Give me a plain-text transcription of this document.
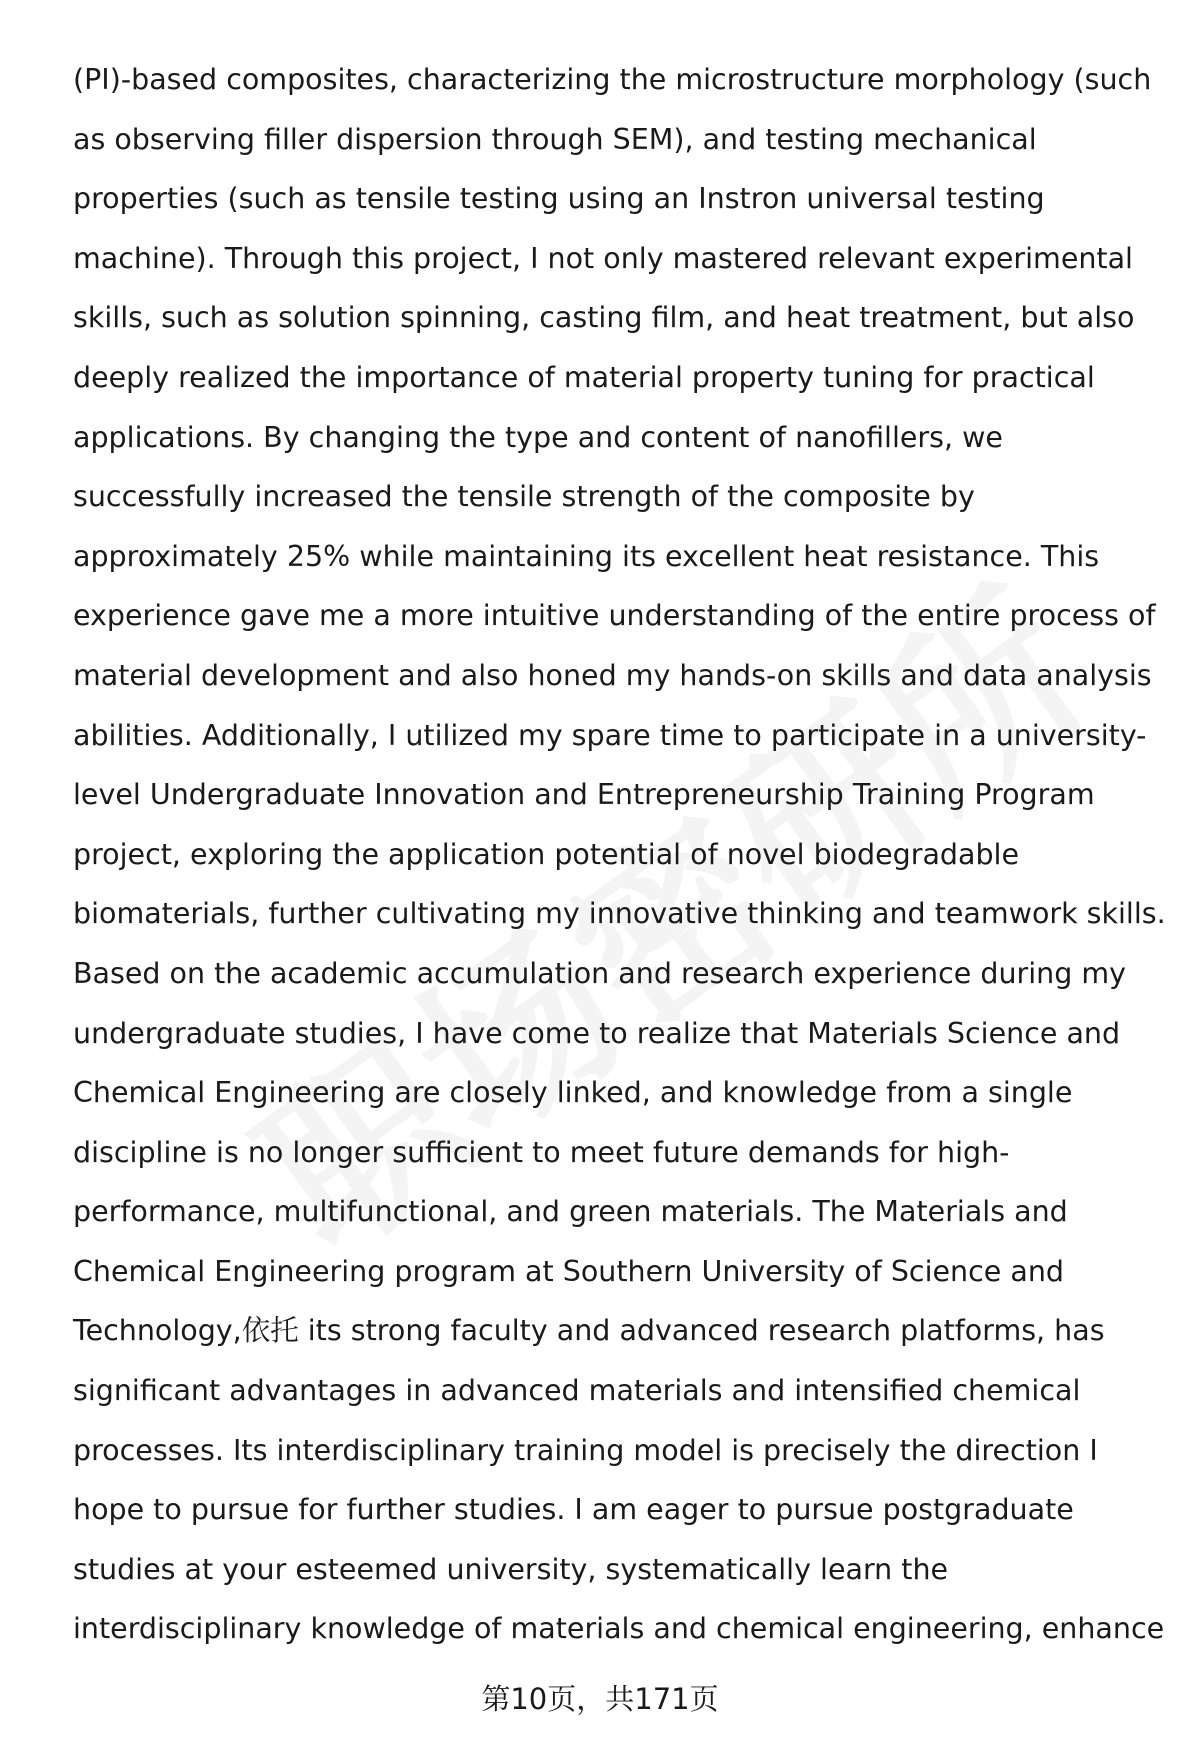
(PI)-based composites, characterizing the microstructure morphology (such
as observing filler dispersion through SEM), and testing mechanical
properties (such as tensile testing using an Instron universal testing
machine). Through this project, I not only mastered relevant experimental
skills, such as solution spinning, casting film, and heat treatment, but also
deeply realized the importance of material property tuning for practical
applications. By changing the type and content of nanofillers, we
successfully increased the tensile strength of the composite by
approximately 25% while maintaining its excellent heat resistance. This
experience gave me a more intuitive understanding of the entire process of
material development and also honed my hands-on skills and data analysis
abilities. Additionally, I utilized my spare time to participate in a university-
level Undergraduate Innovation and Entrepreneurship Training Program
project, exploring the application potential of novel biodegradable
biomaterials, further cultivating my innovative thinking and teamwork skills.
Based on the academic accumulation and research experience during my
undergraduate studies, I have come to realize that Materials Science and
Chemical Engineering are closely linked, and knowledge from a single
discipline is no longer sufficient to meet future demands for high-
performance, multifunctional, and green materials. The Materials and
Chemical Engineering program at Southern University of Science and
Technology,依托 its strong faculty and advanced research platforms, has
significant advantages in advanced materials and intensified chemical
processes. Its interdisciplinary training model is precisely the direction I
hope to pursue for further studies. I am eager to pursue postgraduate
studies at your esteemed university, systematically learn the
interdisciplinary knowledge of materials and chemical engineering, enhance
第10页，共171页
